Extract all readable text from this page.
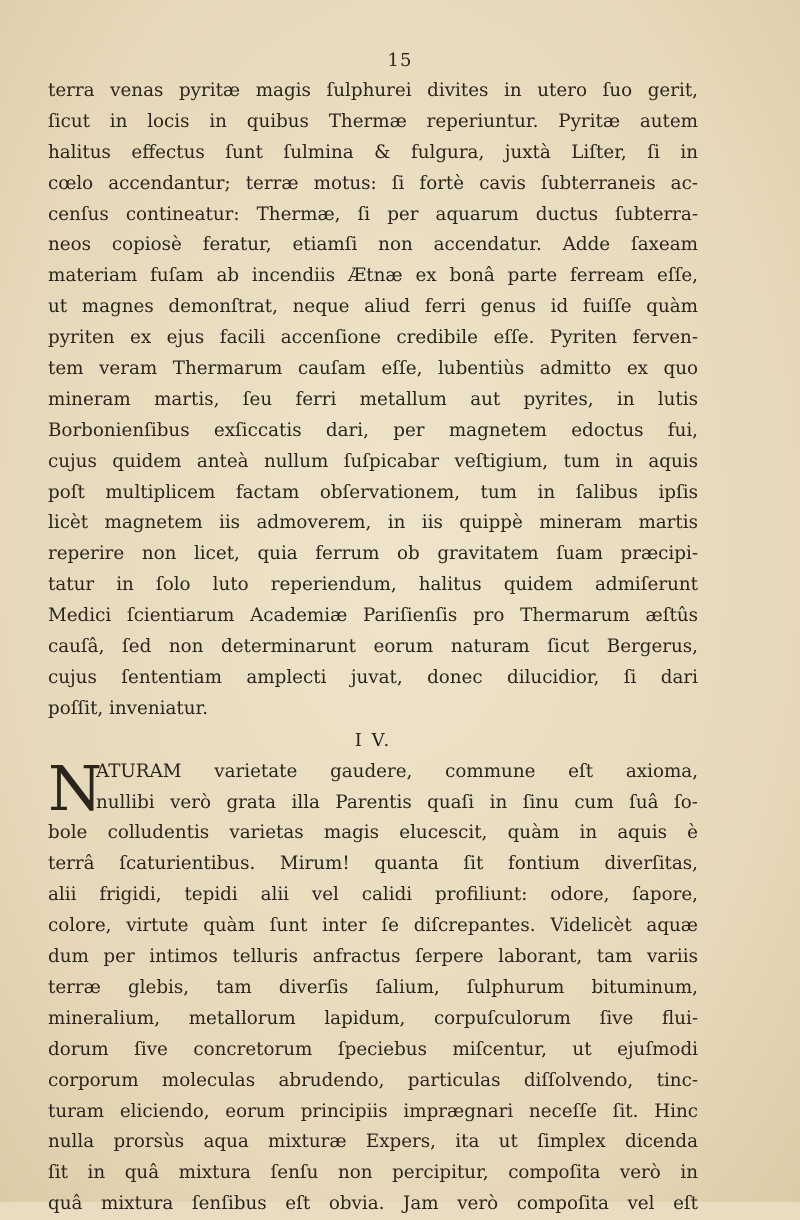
15
terra venas pyritæ magis ſulphurei divites in utero ſuo gerit,
ſicut in locis in quibus Thermæ reperiuntur. Pyritæ autem
halitus effectus ſunt ſulmina & fulgura, juxtà Liſter, ſi in
cœlo accendantur; terræ motus: ſi fortè cavis ſubterraneis ac-
cenſus contineatur: Thermæ, ſi per aquarum ductus ſubterra-
neos copiosè feratur, etiamſi non accendatur. Adde ſaxeam
materiam fuſam ab incendiis Ætnæ ex bonâ parte ferream eſſe,
ut magnes demonſtrat, neque aliud ferri genus id fuiſſe quàm
pyriten ex ejus facili accenſione credibile eſſe. Pyriten ferven-
tem veram Thermarum cauſam eſſe, lubentiùs admitto ex quo
mineram martis, ſeu ferri metallum aut pyrites, in lutis
Borbonienſibus exſiccatis dari, per magnetem edoctus fui,
cujus quidem anteà nullum ſuſpicabar veſtigium, tum in aquis
poſt multiplicem factam obſervationem, tum in ſalibus ipſis
licèt magnetem iis admoverem, in iis quippè mineram martis
reperire non licet, quia ferrum ob gravitatem ſuam præcipi-
tatur in ſolo luto reperiendum, halitus quidem admiſerunt
Medici ſcientiarum Academiæ Pariſienſis pro Thermarum æſtûs
cauſâ, ſed non determinarunt eorum naturam ſicut Bergerus,
cujus ſententiam amplecti juvat, donec dilucidior, ſi dari
poſſit, inveniatur.
I V.
N
ATURAM varietate gaudere, commune eſt axioma,
nullibi verò grata illa Parentis quaſi in ſinu cum ſuâ ſo-
bole colludentis varietas magis elucescit, quàm in aquis è
terrâ ſcaturientibus. Mirum! quanta ſit fontium diverſitas,
alii frigidi, tepidi alii vel calidi profiliunt: odore, ſapore,
colore, virtute quàm ſunt inter ſe diſcrepantes. Videlicèt aquæ
dum per intimos telluris anfractus ſerpere laborant, tam variis
terræ glebis, tam diverſis ſalium, ſulphurum bituminum,
mineralium, metallorum lapidum, corpuſculorum ſive flui-
dorum ſive concretorum ſpeciebus miſcentur, ut ejuſmodi
corporum moleculas abrudendo, particulas diſſolvendo, tinc-
turam eliciendo, eorum principiis imprægnari neceſſe ſit. Hinc
nulla prorsùs aqua mixturæ Expers, ita ut ſimplex dicenda
ſit in quâ mixtura ſenſu non percipitur, compoſita verò in
quâ mixtura ſenſibus eſt obvia. Jam verò compoſita vel eſt
